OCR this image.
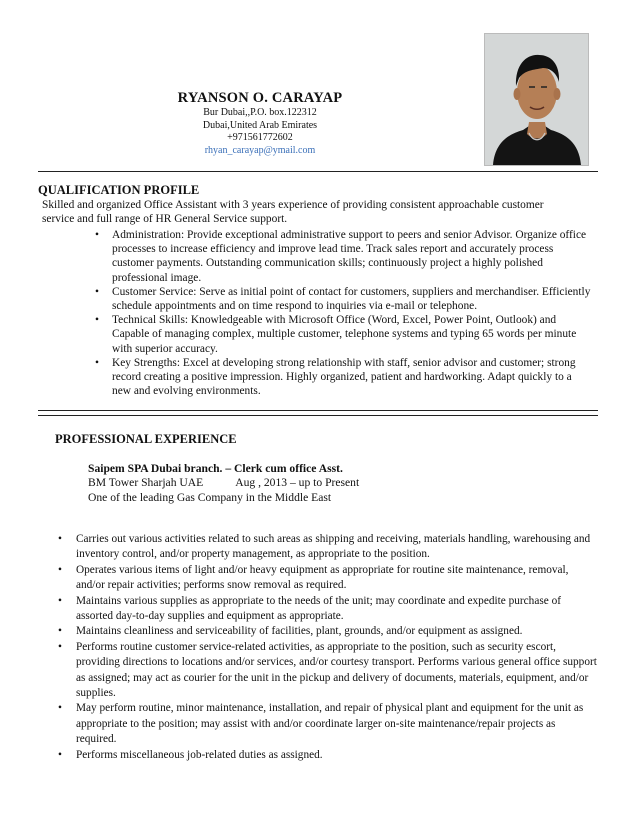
RYANSON O. CARAYAP
Bur Dubai,,P.O. box.122312
Dubai,United Arab Emirates
+971561772602
rhyan_carayap@ymail.com
QUALIFICATION PROFILE
Skilled and organized Office Assistant with 3 years experience of providing consistent approachable customer service and full range of HR General Service support.
• Administration: Provide exceptional administrative support to peers and senior Advisor. Organize office processes to increase efficiency and improve lead time. Track sales report and accurately process customer payments. Outstanding communication skills; continuously project a highly polished professional image.
• Customer Service: Serve as initial point of contact for customers, suppliers and merchandiser. Efficiently schedule appointments and on time respond to inquiries via e-mail or telephone.
• Technical Skills: Knowledgeable with Microsoft Office (Word, Excel, Power Point, Outlook) and Capable of managing complex, multiple customer, telephone systems and typing 65 words per minute with superior accuracy.
• Key Strengths: Excel at developing strong relationship with staff, senior advisor and customer; strong record creating a positive impression. Highly organized, patient and hardworking. Adapt quickly to a new and evolving environments.
PROFESSIONAL EXPERIENCE
Saipem SPA Dubai branch. – Clerk cum office Asst.
BM Tower Sharjah UAE	Aug , 2013 – up to Present
One of the leading Gas Company in the Middle East
• Carries out various activities related to such areas as shipping and receiving, materials handling, warehousing and inventory control, and/or property management, as appropriate to the position.
• Operates various items of light and/or heavy equipment as appropriate for routine site maintenance, removal, and/or repair activities; performs snow removal as required.
• Maintains various supplies as appropriate to the needs of the unit; may coordinate and expedite purchase of assorted day-to-day supplies and equipment as appropriate.
• Maintains cleanliness and serviceability of facilities, plant, grounds, and/or equipment as assigned.
• Performs routine customer service-related activities, as appropriate to the position, such as security escort, providing directions to locations and/or services, and/or courtesy transport. Performs various general office support as assigned; may act as courier for the unit in the pickup and delivery of documents, materials, equipment, and/or supplies.
• May perform routine, minor maintenance, installation, and repair of physical plant and equipment for the unit as appropriate to the position; may assist with and/or coordinate larger on-site maintenance/repair projects as required.
• Performs miscellaneous job-related duties as assigned.
